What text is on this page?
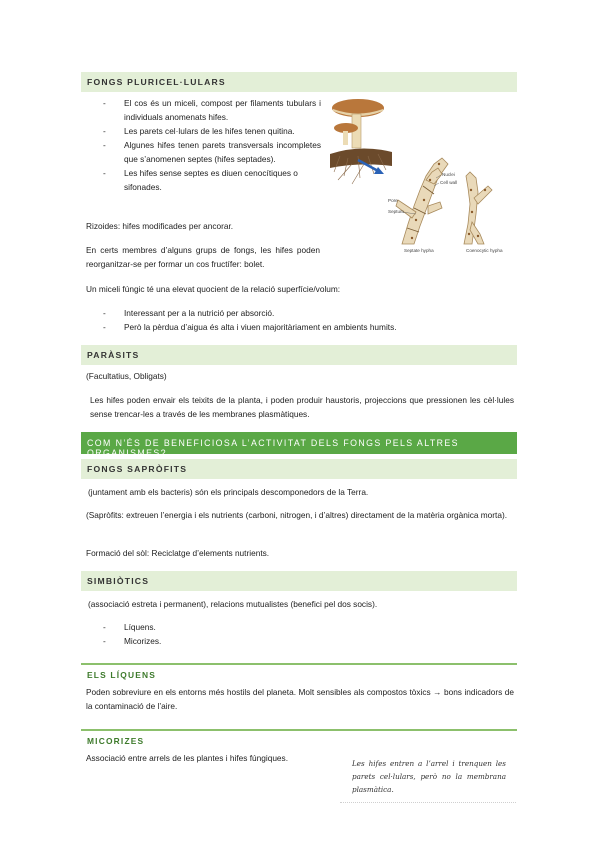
FONGS PLURICEL·LULARS
- El cos és un miceli, compost per filaments tubulars i individuals anomenats hifes.
- Les parets cel·lulars de les hifes tenen quitina.
- Algunes hifes tenen parets transversals incompletes que s’anomenen septes (hifes septades).
- Les hifes sense septes es diuen cenocítiques o sifonades.
Nuclei
Cell wall
Pore
Septum
Septate hypha	Coenocytic hypha
Rizoides: hifes modificades per ancorar.
En certs membres d’alguns grups de fongs, les hifes poden reorganitzar-se per formar un cos fructífer: bolet.
Un miceli fúngic té una elevat quocient de la relació superfície/volum:
- Interessant per a la nutrició per absorció.
- Però la pèrdua d’aigua és alta i viuen majoritàriament en ambients humits.
PARÀSITS
(Facultatius, Obligats)
Les hifes poden envair els teixits de la planta, i poden produir haustoris, projeccions que pressionen les cèl·lules sense trencar-les a través de les membranes plasmàtiques.
COM N’ÉS DE BENEFICIOSA L’ACTIVITAT DELS FONGS PELS ALTRES ORGANISMES?
FONGS SAPRÒFITS
(juntament amb els bacteris) són els principals descomponedors de la Terra.
(Sapròfits: extreuen l’energia i els nutrients (carboni, nitrogen, i d’altres) directament de la matèria orgànica morta).
Formació del sòl: Reciclatge d’elements nutrients.
SIMBIÒTICS
(associació estreta i permanent), relacions mutualistes (benefici pel dos socis).
- Líquens.
- Micorizes.
ELS LÍQUENS
Poden sobreviure en els entorns més hostils del planeta. Molt sensibles als compostos tòxics → bons indicadors de la contaminació de l’aire.
MICORIZES
Associació entre arrels de les plantes i hifes fúngiques.
Les hifes entren a l’arrel i trenquen les parets cel·lulars, però no la membrana plasmàtica.
